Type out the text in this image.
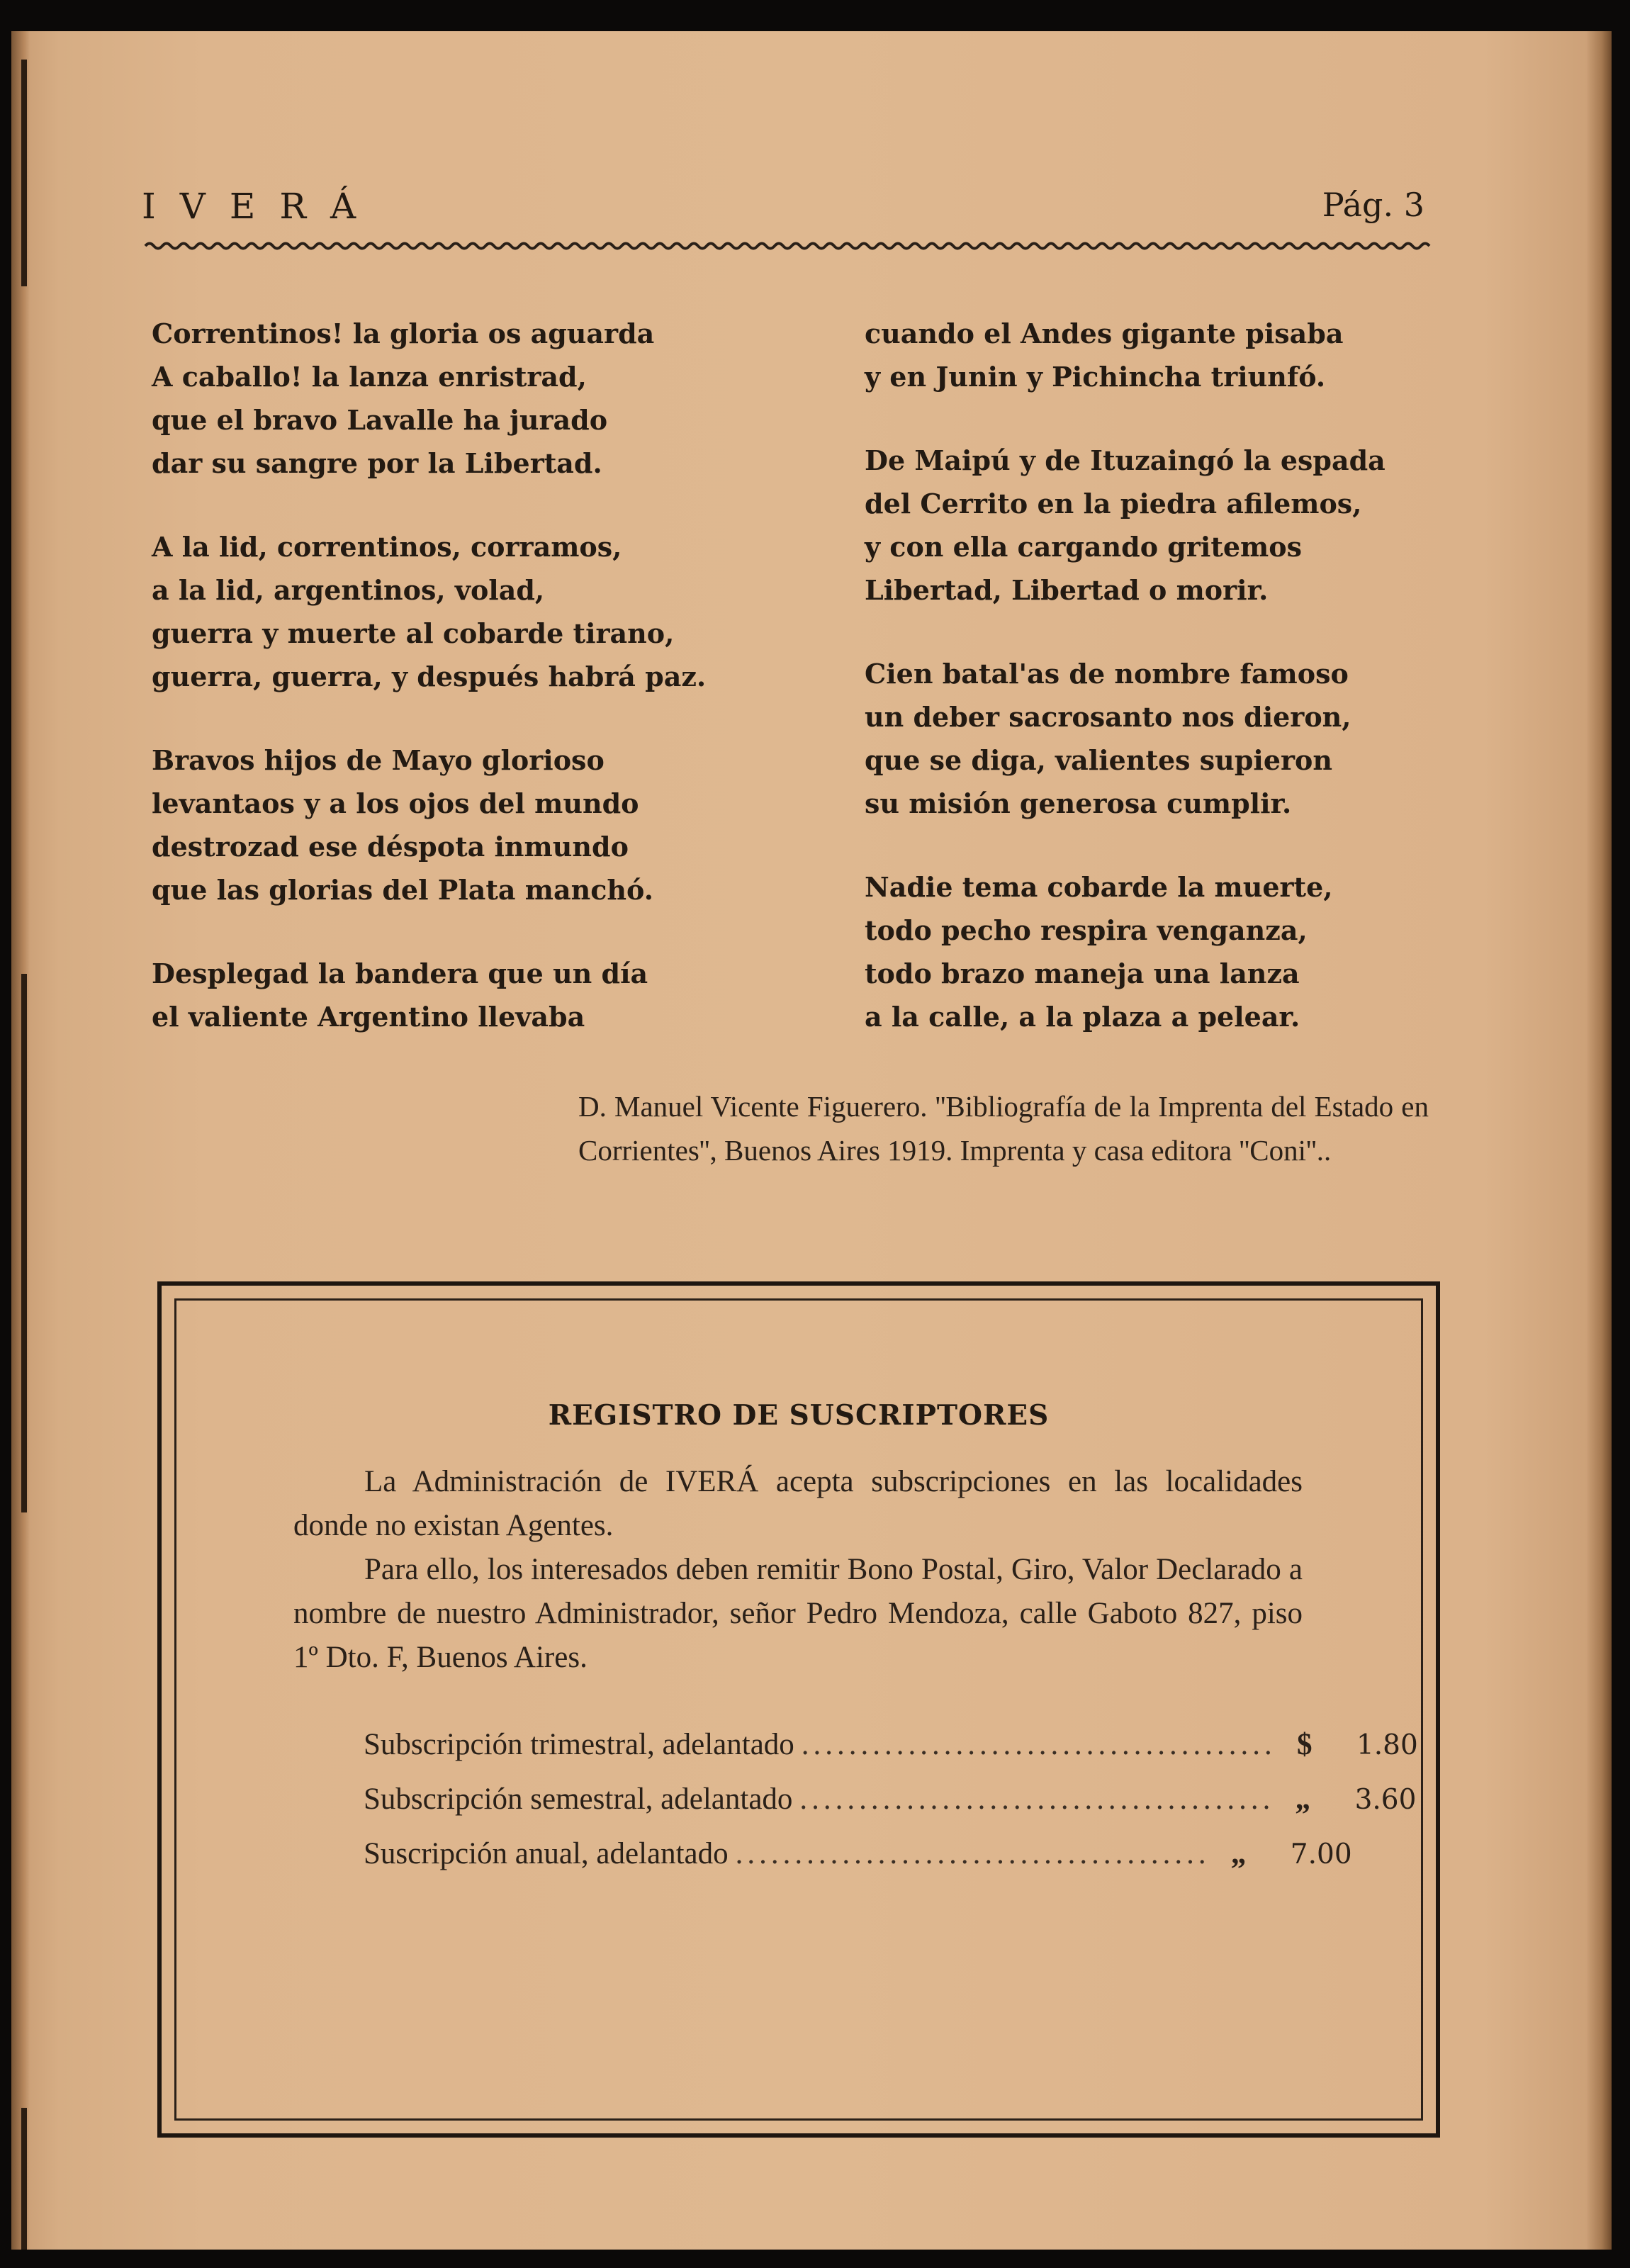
IVERÁ	Pág. 3
Correntinos! la gloria os aguarda
A caballo! la lanza enristrad,
que el bravo Lavalle ha jurado
dar su sangre por la Libertad.
A la lid, correntinos, corramos,
a la lid, argentinos, volad,
guerra y muerte al cobarde tirano,
guerra, guerra, y después habrá paz.
Bravos hijos de Mayo glorioso
levantaos y a los ojos del mundo
destrozad ese déspota inmundo
que las glorias del Plata manchó.
Desplegad la bandera que un día
el valiente Argentino llevaba
cuando el Andes gigante pisaba
y en Junin y Pichincha triunfó.
De Maipú y de Ituzaingó la espada
del Cerrito en la piedra afilemos,
y con ella cargando gritemos
Libertad, Libertad o morir.
Cien batal'as de nombre famoso
un deber sacrosanto nos dieron,
que se diga, valientes supieron
su misión generosa cumplir.
Nadie tema cobarde la muerte,
todo pecho respira venganza,
todo brazo maneja una lanza
a la calle, a la plaza a pelear.
D. Manuel Vicente Figuerero. ''Bibliografía de la Imprenta del Estado en Corrientes'', Buenos Aires 1919. Imprenta y casa editora ''Coni''..
REGISTRO DE SUSCRIPTORES

La Administración de IVERÁ acepta subscripciones en las localidades donde no existan Agentes.

Para ello, los interesados deben remitir Bono Postal, Giro, Valor Declarado a nombre de nuestro Administrador, señor Pedro Mendoza, calle Gaboto 827, piso 1º Dto. F, Buenos Aires.

Subscripción trimestral, adelantado ........................................ $	1.80
Subscripción semestral, adelantado ........................................ „	3.60
Suscripción anual, adelantado ........................................ „	7.00
